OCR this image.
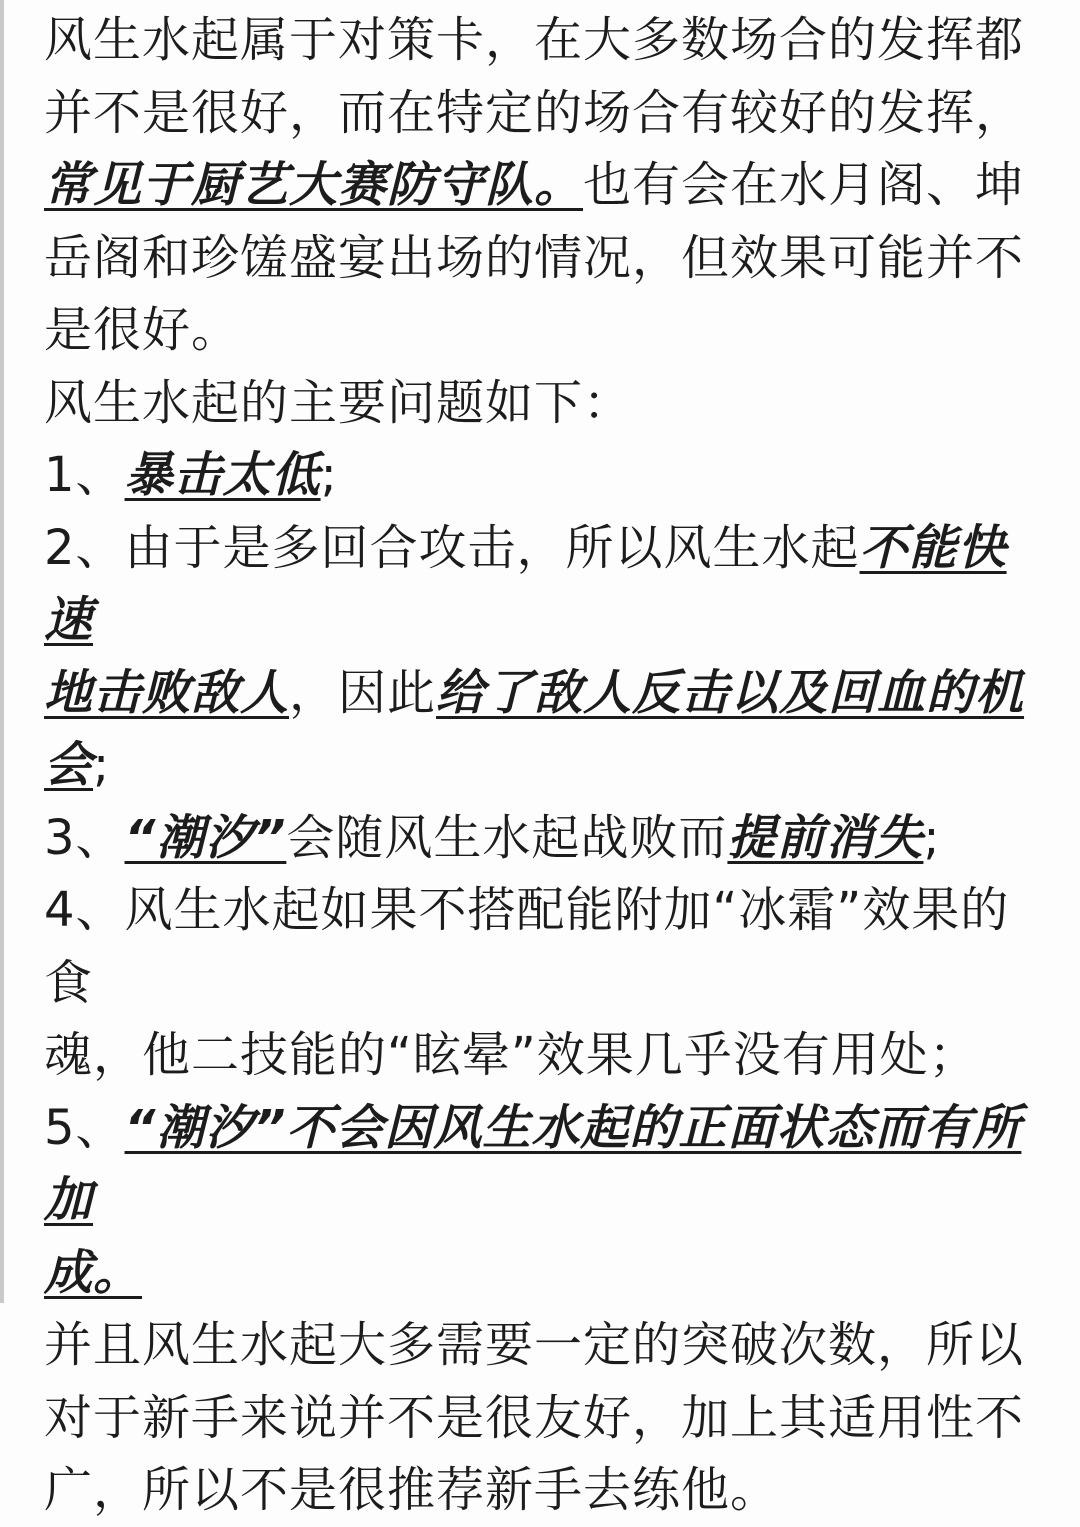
风生水起属于对策卡，在大多数场合的发挥都

并不是很好，而在特定的场合有较好的发挥，

常见于厨艺大赛防守队。也有会在水月阁、坤

岳阁和珍馐盛宴出场的情况，但效果可能并不

是很好。

风生水起的主要问题如下：

1、暴击太低;

2、由于是多回合攻击，所以风生水起不能快速

地击败敌人，因此给了敌人反击以及回血的机

会;

3、“潮汐”会随风生水起战败而提前消失;

4、风生水起如果不搭配能附加“冰霜”效果的食

魂，他二技能的“眩晕”效果几乎没有用处；

5、“潮汐”不会因风生水起的正面状态而有所加

成。

并且风生水起大多需要一定的突破次数，所以

对于新手来说并不是很友好，加上其适用性不

广，所以不是很推荐新手去练他。
